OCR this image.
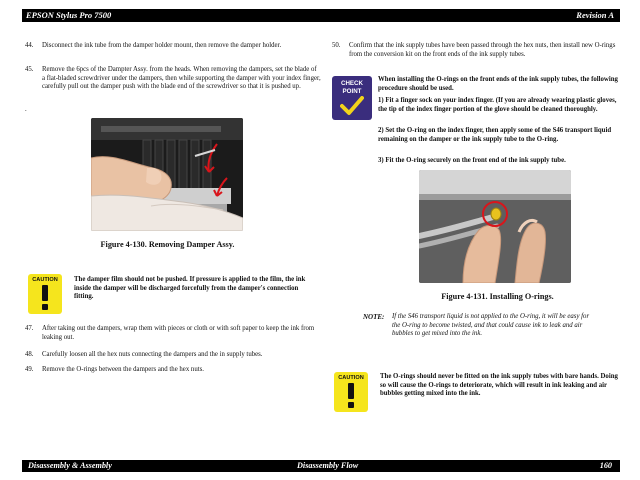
EPSON Stylus Pro 7500	Revision A
44. Disconnect the ink tube from the damper holder mount, then remove the damper holder.
45. Remove the 6pcs of the Dampter Assy. from the heads. When removing the dampers, set the blade of a flat-bladed screwdriver under the dampers, then while supporting the damper with your index finger, carefully pull out the damper push with the blade end of the screwdriver so that it is pushed up.
.
Figure 4-130. Removing Damper Assy.
CAUTION	The damper film should not be pushed. If pressure is applied to the film, the ink inside the damper will be discharged forcefully from the damper's connection fitting.
47. After taking out the dampers, wrap them with pieces or cloth or with soft paper to keep the ink from leaking out.
48. Carefully loosen all the hex nuts connecting the dampers and the in supply tubes.
49. Remove the O-rings between the dampers and the hex nuts.
50. Confirm that the ink supply tubes have been passed through the hex nuts, then install new O-rings from the conversion kit on the front ends of the ink supply tubes.
CHECK
POINT
When installing the O-rings on the front ends of the ink supply tubes, the following procedure should be used.
1) Fit a finger sock on your index finger. (If you are already wearing plastic gloves, the tip of the index finger portion of the glove should be cleaned thoroughly.
2) Set the O-ring on the index finger, then apply some of the S46 transport liquid remaining on the damper or the ink supply tube to the O-ring.
3) Fit the O-ring securely on the front end of the ink supply tube.
Figure 4-131. Installing O-rings.
NOTE: If the S46 transport liquid is not applied to the O-ring, it will be easy for the O-ring to become twisted, and that could cause ink to leak and air bubbles to get mixed into the ink.
CAUTION	The O-rings should never be fitted on the ink supply tubes with bare hands. Doing so will cause the O-rings to deteriorate, which will result in ink leaking and air bubbles getting mixed into the ink.
Disassembly & Assembly	Disassembly Flow	160
